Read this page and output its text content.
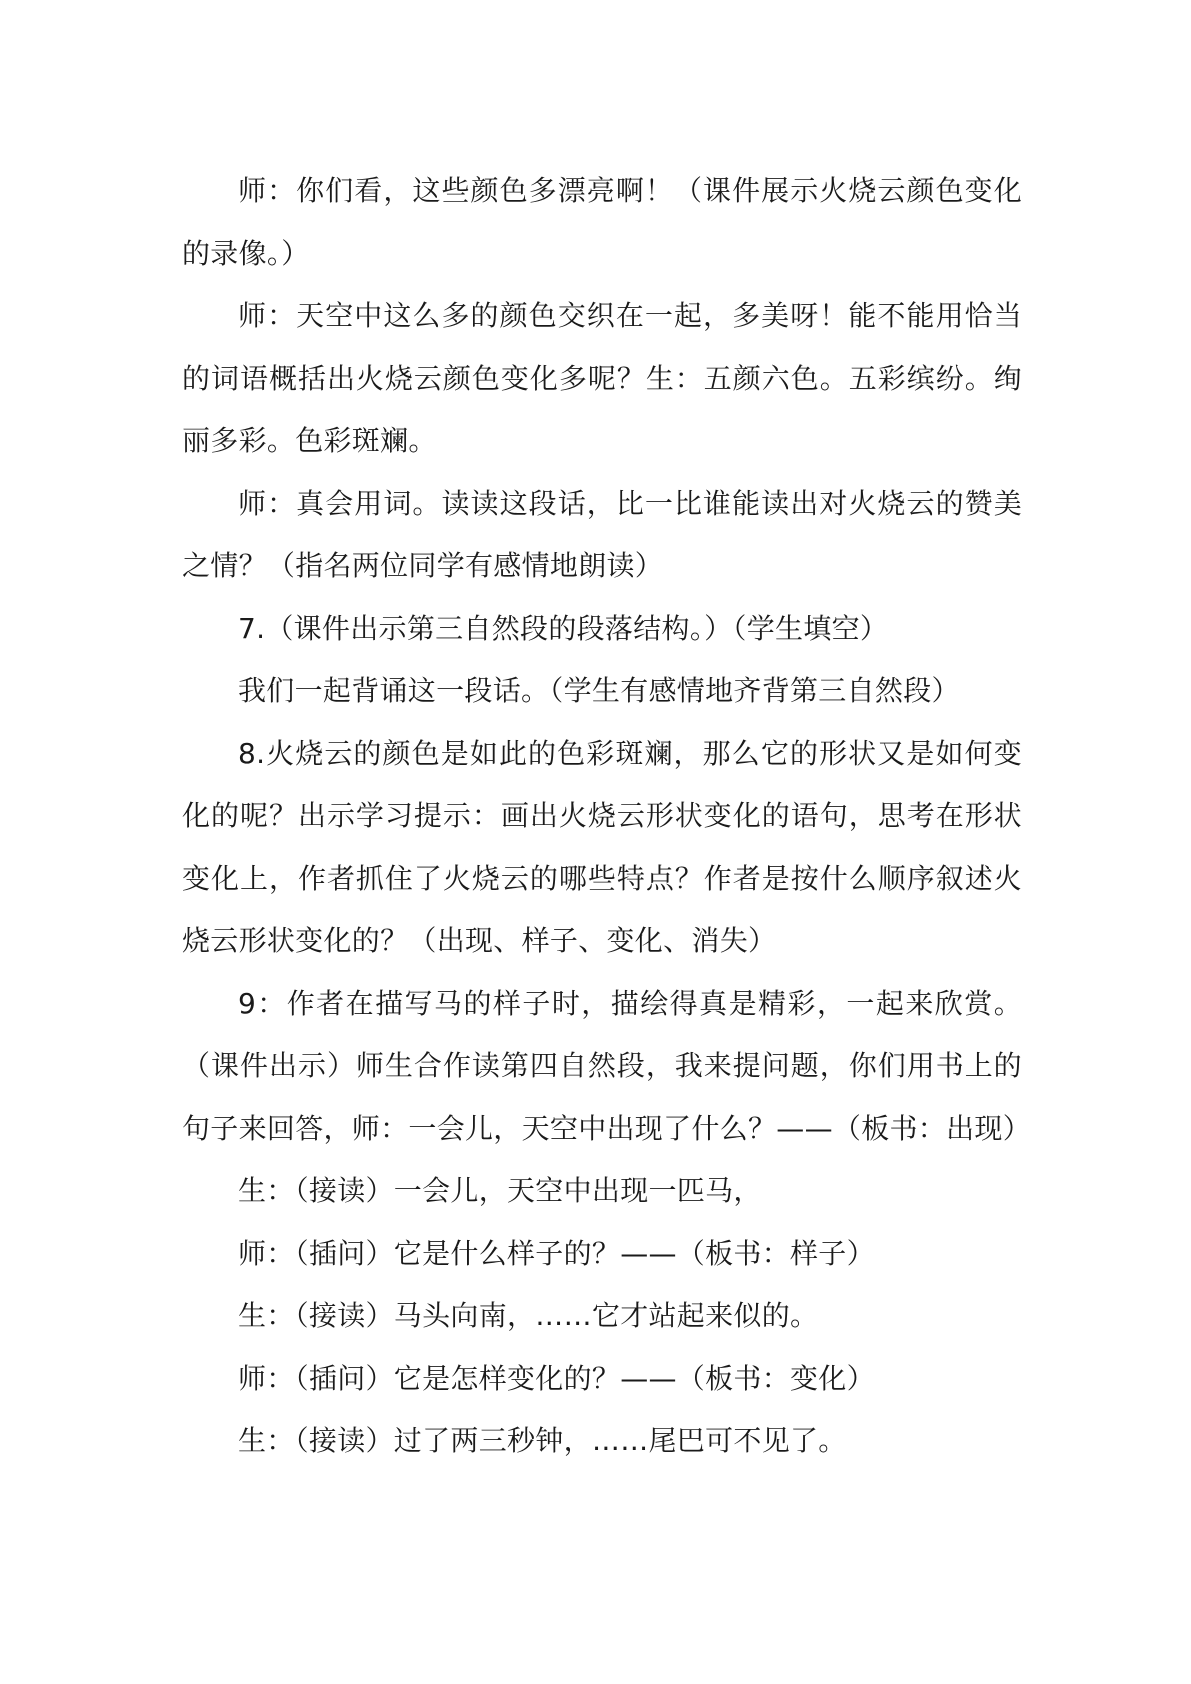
师：你们看，这些颜色多漂亮啊！（课件展示火烧云颜色变化的录像。）

师：天空中这么多的颜色交织在一起，多美呀！能不能用恰当的词语概括出火烧云颜色变化多呢？生：五颜六色。五彩缤纷。绚丽多彩。色彩斑斓。

师：真会用词。读读这段话，比一比谁能读出对火烧云的赞美之情？（指名两位同学有感情地朗读）

7.（课件出示第三自然段的段落结构。）（学生填空）

我们一起背诵这一段话。（学生有感情地齐背第三自然段）

8.火烧云的颜色是如此的色彩斑斓，那么它的形状又是如何变化的呢？出示学习提示：画出火烧云形状变化的语句，思考在形状变化上，作者抓住了火烧云的哪些特点？作者是按什么顺序叙述火烧云形状变化的？（出现、样子、变化、消失）

9：作者在描写马的样子时，描绘得真是精彩，一起来欣赏。（课件出示）师生合作读第四自然段，我来提问题，你们用书上的句子来回答，师：一会儿，天空中出现了什么？——（板书：出现）

生：（接读）一会儿，天空中出现一匹马，

师：（插问）它是什么样子的？——（板书：样子）

生：（接读）马头向南，……它才站起来似的。

师：（插问）它是怎样变化的？——（板书：变化）

生：（接读）过了两三秒钟，……尾巴可不见了。
